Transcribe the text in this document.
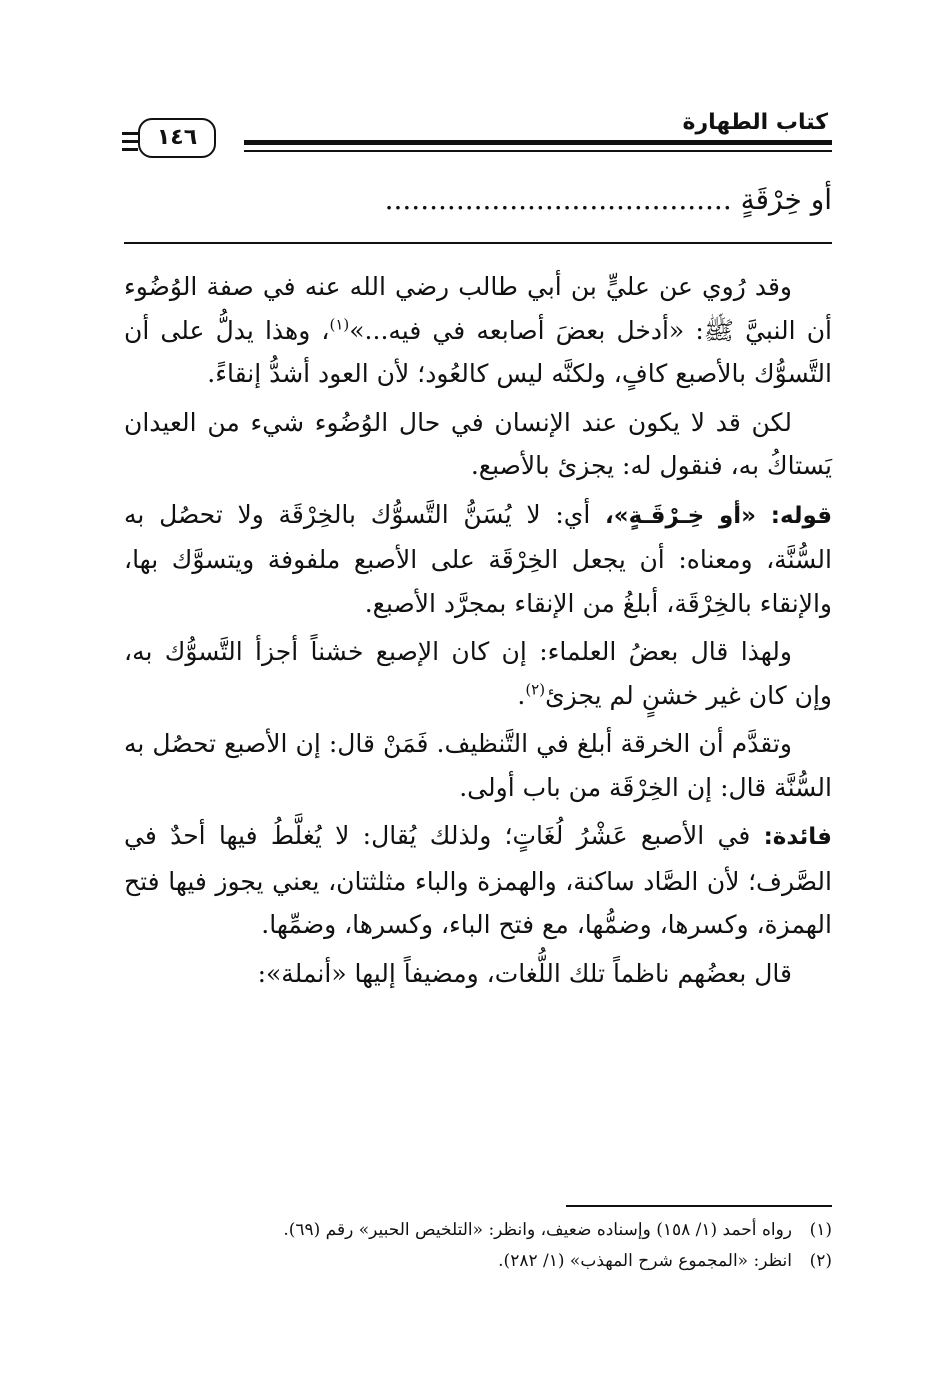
كتاب الطهارة
١٤٦
أو خِرْقَةٍ .......................................

وقد رُوي عن عليٍّ بن أبي طالب رضي الله عنه في صفة الوُضُوء أن النبيَّ ﷺ: «أدخل بعضَ أصابعه في فيه...»$^{(١)}$، وهذا يدلُّ على أن التَّسوُّك بالأصبع كافٍ، ولكنَّه ليس كالعُود؛ لأن العود أشدُّ إنقاءً.

لكن قد لا يكون عند الإنسان في حال الوُضُوء شيء من العيدان يَستاكُ به، فنقول له: يجزئ بالأصبع.

قوله: «أو خِـرْقَـةٍ»، أي: لا يُسَنُّ التَّسوُّك بالخِرْقَة ولا تحصُل به السُّنَّة، ومعناه: أن يجعل الخِرْقَة على الأصبع ملفوفة ويتسوَّك بها، والإنقاء بالخِرْقَة، أبلغُ من الإنقاء بمجرَّد الأصبع.

ولهذا قال بعضُ العلماء: إن كان الإصبع خشناً أجزأ التَّسوُّك به، وإن كان غير خشنٍ لم يجزئ$^{(٢)}$.

وتقدَّم أن الخرقة أبلغ في التَّنظيف. فَمَنْ قال: إن الأصبع تحصُل به السُّنَّة قال: إن الخِرْقَة من باب أولى.

فائدة: في الأصبع عَشْرُ لُغَاتٍ؛ ولذلك يُقال: لا يُغلَّطُ فيها أحدٌ في الصَّرف؛ لأن الصَّاد ساكنة، والهمزة والباء مثلثتان، يعني يجوز فيها فتح الهمزة، وكسرها، وضمُّها، مع فتح الباء، وكسرها، وضمِّها.

قال بعضُهم ناظماً تلك اللُّغات، ومضيفاً إليها «أنملة»:

(١)
رواه أحمد (١/ ١٥٨) وإسناده ضعيف، وانظر: «التلخيص الحبير» رقم (٦٩).
(٢)
انظر: «المجموع شرح المهذب» (١/ ٢٨٢).
